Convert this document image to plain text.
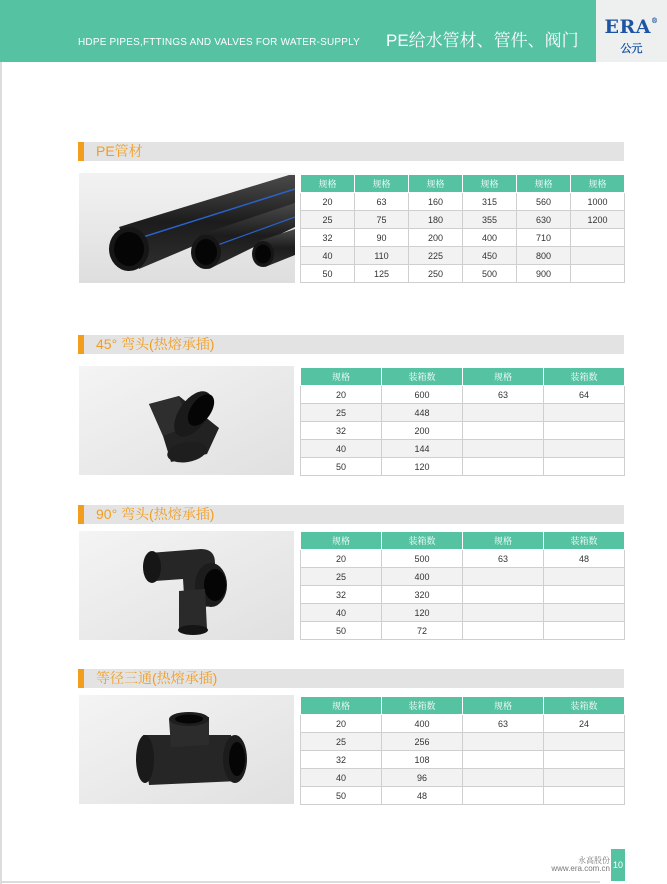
HDPE PIPES,FTTINGS AND VALVES FOR WATER-SUPPLY PE给水管材、管件、阀门
ERA®
公元
PE管材
规格	规格	规格	规格	规格	规格
20	63	160	315	560	1000
25	75	180	355	630	1200
32	90	200	400	710	
40	110	225	450	800	
50	125	250	500	900	
45° 弯头(热熔承插)
规格	装箱数	规格	装箱数
20	600	63	64
25	448		
32	200		
40	144		
50	120		
90° 弯头(热熔承插)
规格	装箱数	规格	装箱数
20	500	63	48
25	400		
32	320		
40	120		
50	72		
等径三通(热熔承插)
规格	装箱数	规格	装箱数
20	400	63	24
25	256		
32	108		
40	96		
50	48		
永高股份
www.era.com.cn 10
